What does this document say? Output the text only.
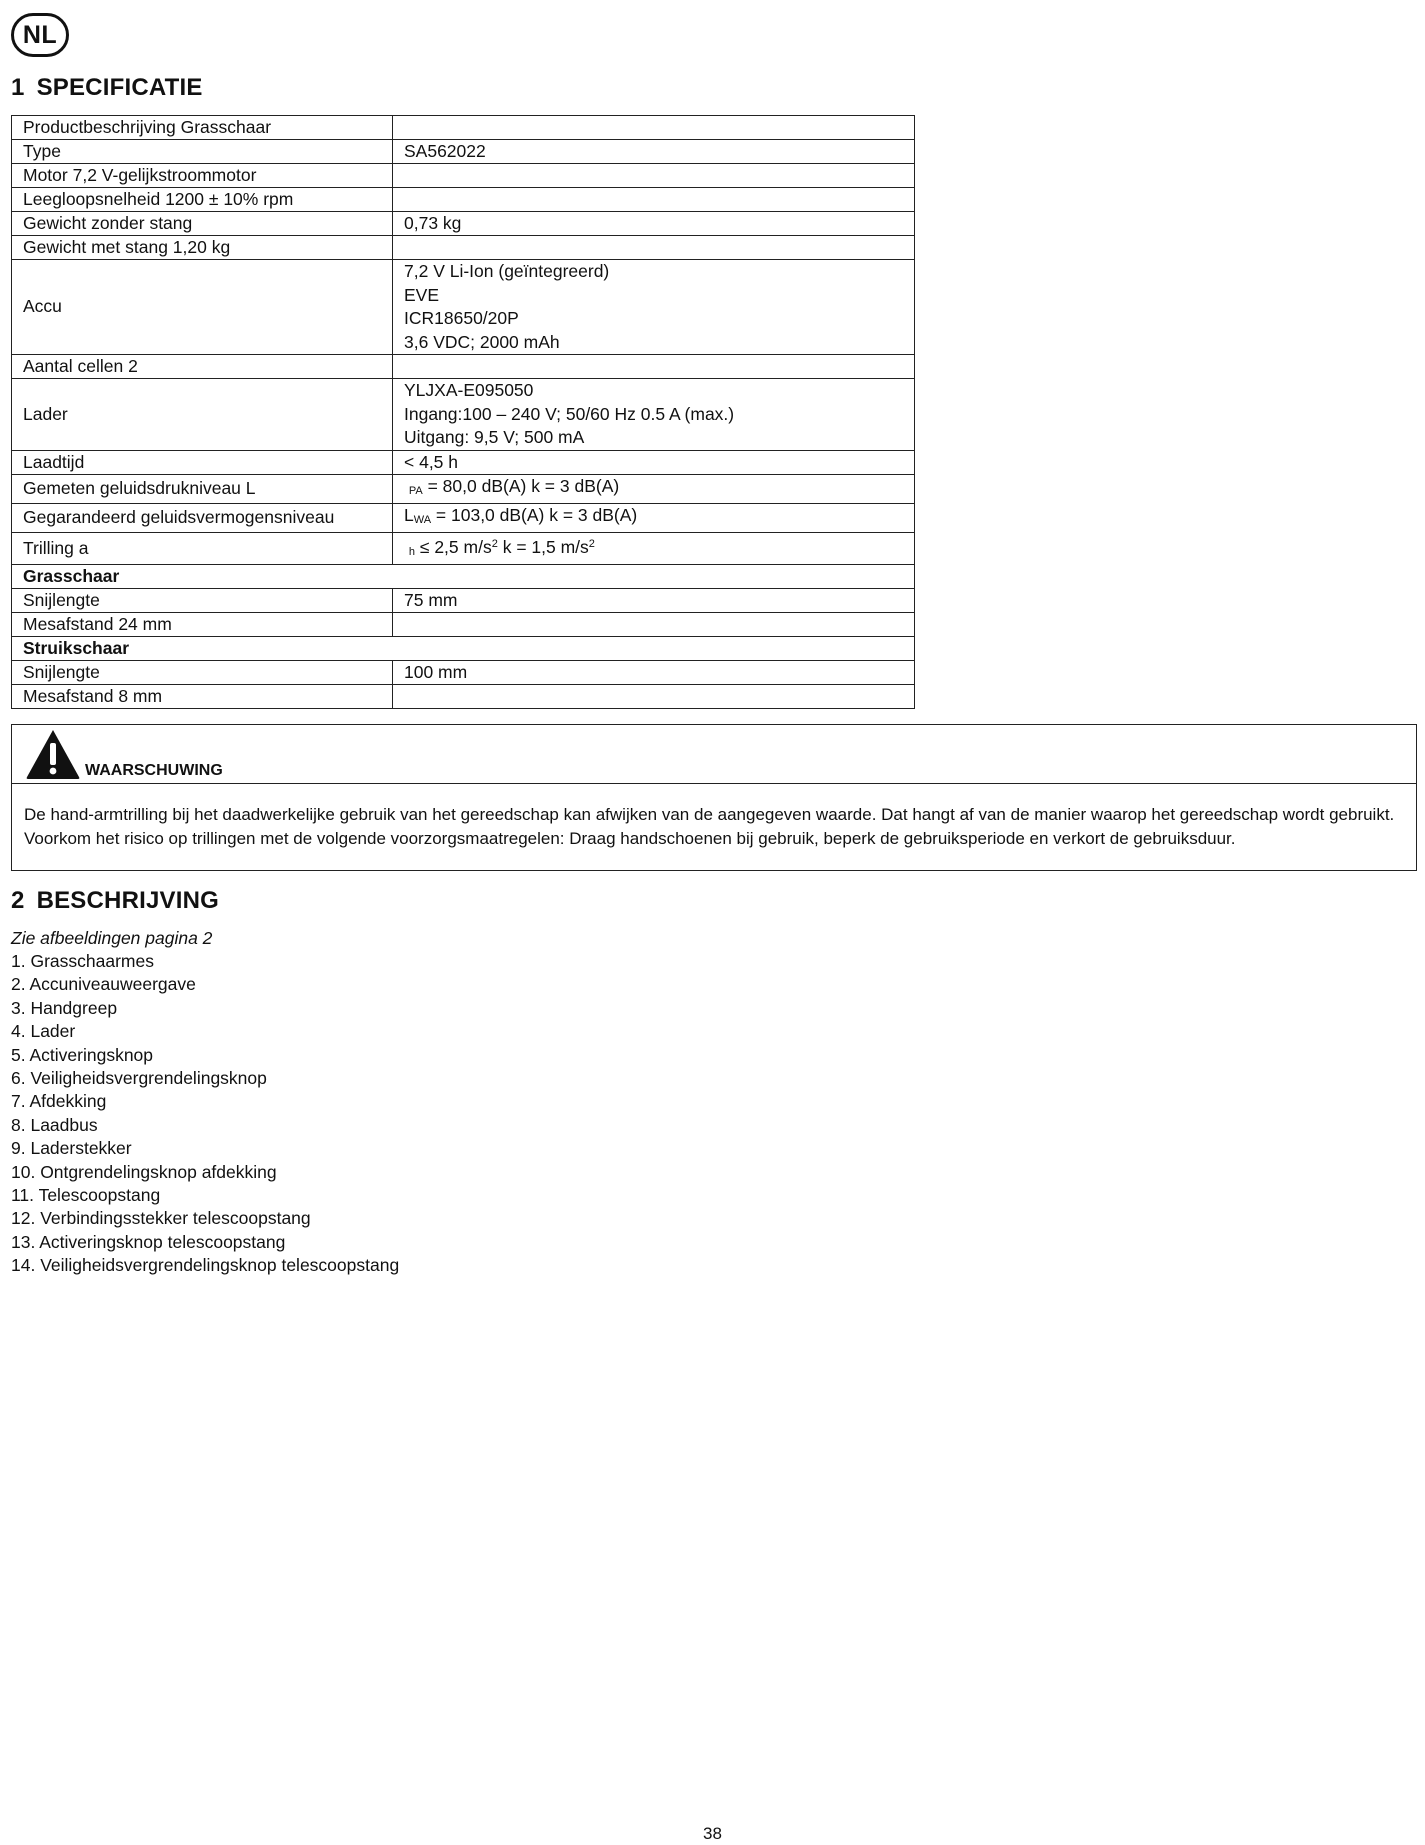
NL
1 SPECIFICATIE
Productbeschrijving Grasschaar	
Type	SA562022
Motor 7,2 V-gelijkstroommotor	
Leegloopsnelheid 1200 ± 10% rpm	
Gewicht zonder stang	0,73 kg
Gewicht met stang 1,20 kg	
Accu	7,2 V Li-Ion (geïntegreerd)
EVE
ICR18650/20P
3,6 VDC; 2000 mAh

Aantal cellen 2	
Lader	YLJXA-E095050
Ingang:100 – 240 V; 50/60 Hz 0.5 A (max.)
Uitgang: 9,5 V; 500 mA

Laadtijd	< 4,5 h
Gemeten geluidsdrukniveau L	PA = 80,0 dB(A) k = 3 dB(A)
Gegarandeerd geluidsvermogensniveau	LWA = 103,0 dB(A) k = 3 dB(A)
Trilling a	h ≤ 2,5 $m/s^2$ k = 1,5 $m/s^2$
Grasschaar	
Snijlengte	75 mm
Mesafstand 24 mm	
Struikschaar	
Snijlengte	100 mm
Mesafstand 8 mm	
WAARSCHUWING

De hand-armtrilling bij het daadwerkelijke gebruik van het gereedschap kan afwijken van de aangegeven waarde. Dat hangt af van de manier waarop het gereedschap wordt gebruikt. Voorkom het risico op trillingen met de volgende voorzorgsmaatregelen: Draag handschoenen bij gebruik, beperk de gebruiksperiode en verkort de gebruiksduur.

2 BESCHRIJVING

Zie afbeeldingen pagina 2

1. Grasschaarmes
2. Accuniveauweergave
3. Handgreep
4. Lader
5. Activeringsknop
6. Veiligheidsvergrendelingsknop
7. Afdekking
8. Laadbus
9. Laderstekker
10. Ontgrendelingsknop afdekking
11. Telescoopstang
12. Verbindingsstekker telescoopstang
13. Activeringsknop telescoopstang
14. Veiligheidsvergrendelingsknop telescoopstang
38
